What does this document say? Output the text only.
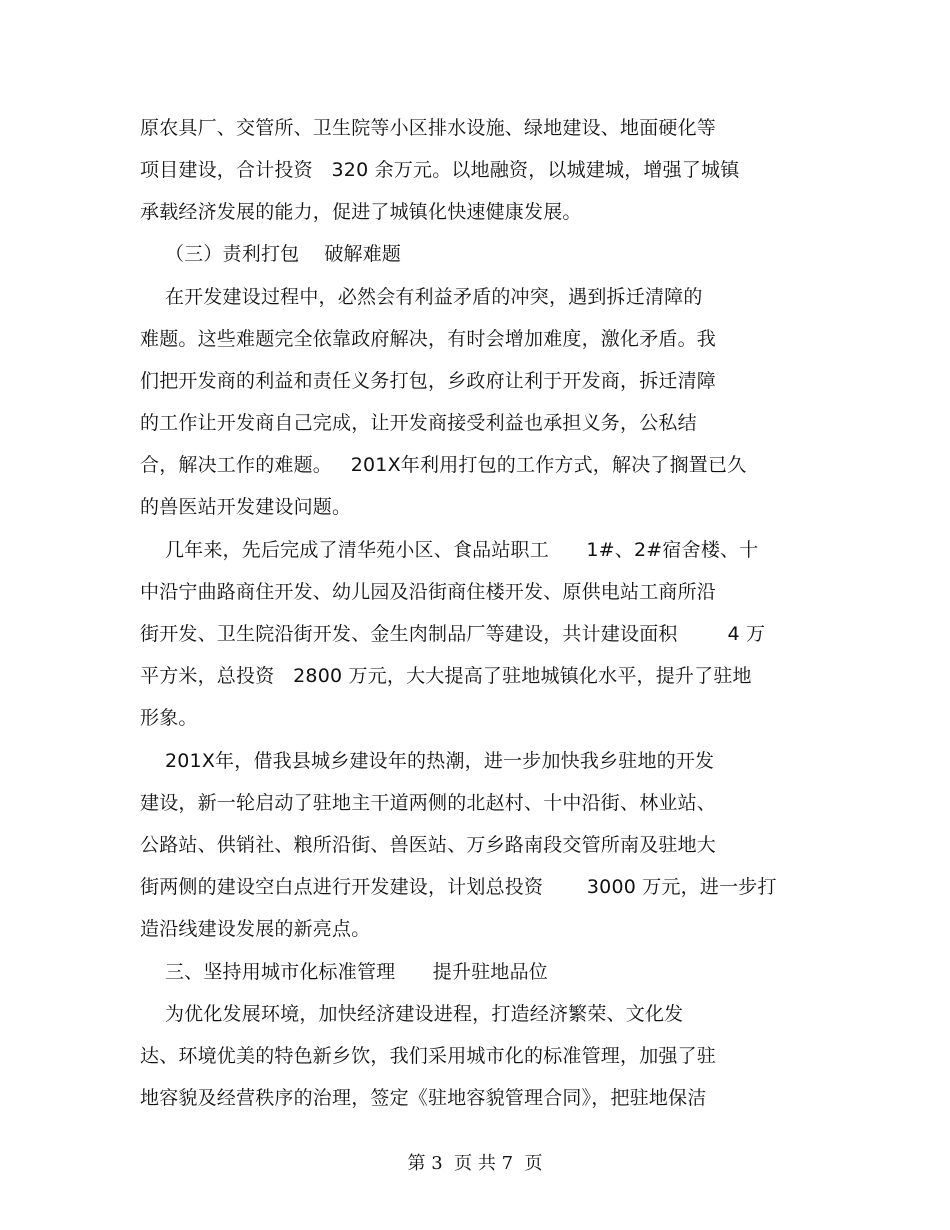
原农具厂、交管所、卫生院等小区排水设施、绿地建设、地面硬化等
项目建设，合计投资   320 余万元。以地融资，以城建城，增强了城镇
承载经济发展的能力，促进了城镇化快速健康发展。
（三）责利打包    破解难题
在开发建设过程中，必然会有利益矛盾的冲突，遇到拆迁清障的
难题。这些难题完全依靠政府解决，有时会增加难度，激化矛盾。我
们把开发商的利益和责任义务打包，乡政府让利于开发商，拆迁清障
的工作让开发商自己完成，让开发商接受利益也承担义务，公私结
合，解决工作的难题。   201X年利用打包的工作方式，解决了搁置已久
的兽医站开发建设问题。
几年来，先后完成了清华苑小区、食品站职工      1#、2#宿舍楼、十
中沿宁曲路商住开发、幼儿园及沿街商住楼开发、原供电站工商所沿
街开发、卫生院沿街开发、金生肉制品厂等建设，共计建设面积        4 万
平方米，总投资   2800 万元，大大提高了驻地城镇化水平，提升了驻地
形象。
201X年，借我县城乡建设年的热潮，进一步加快我乡驻地的开发
建设，新一轮启动了驻地主干道两侧的北赵村、十中沿街、林业站、
公路站、供销社、粮所沿街、兽医站、万乡路南段交管所南及驻地大
街两侧的建设空白点进行开发建设，计划总投资       3000 万元，进一步打
造沿线建设发展的新亮点。
三、坚持用城市化标准管理      提升驻地品位
为优化发展环境，加快经济建设进程，打造经济繁荣、文化发
达、环境优美的特色新乡饮，我们采用城市化的标准管理，加强了驻
地容貌及经营秩序的治理，签定《驻地容貌管理合同》，把驻地保洁
第 3  页 共 7  页
